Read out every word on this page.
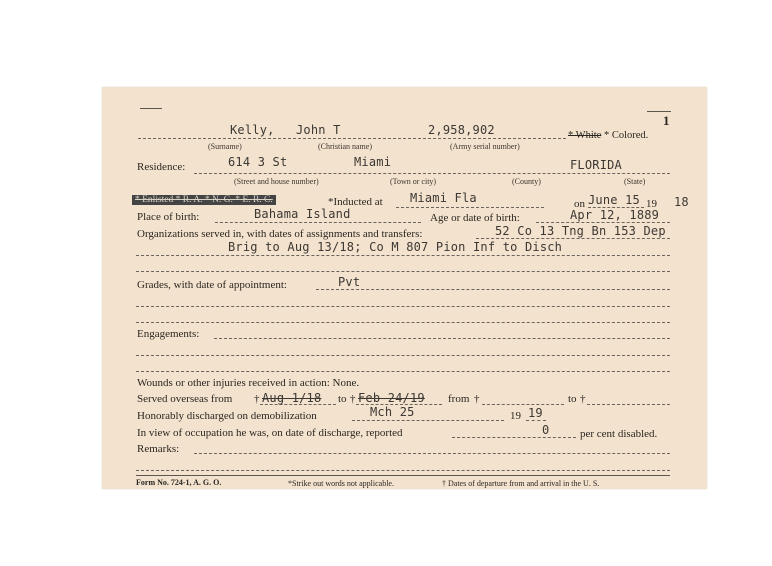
1
Kelly, John T	2,958,902	* White * Colored.
(Surname)	(Christian name)	(Army serial number)
Residence:	614 3 St	Miami	FLORIDA
(Street and house number)	(Town or city)	(County)	(State)
* Enlisted * R. A. * N. G. * E. R. C.	*Inducted at Miami Fla	on June 15 19 18
Place of birth:	Bahama Island	Age or date of birth:	Apr 12, 1889
Organizations served in, with dates of assignments and transfers:	52 Co 13 Tng Bn 153 Dep
Brig to Aug 13/18; Co M 807 Pion Inf to Disch
Grades, with date of appointment:	Pvt
Engagements:
Wounds or other injuries received in action: None.
Served overseas from † Aug 1/18 to † Feb 24/19 from †	to †
Honorably discharged on demobilization	Mch 25	19 19
In view of occupation he was, on date of discharge, reported	0	per cent disabled.
Remarks:
Form No. 724-1, A. G. O.	*Strike out words not applicable.	† Dates of departure from and arrival in the U. S.
